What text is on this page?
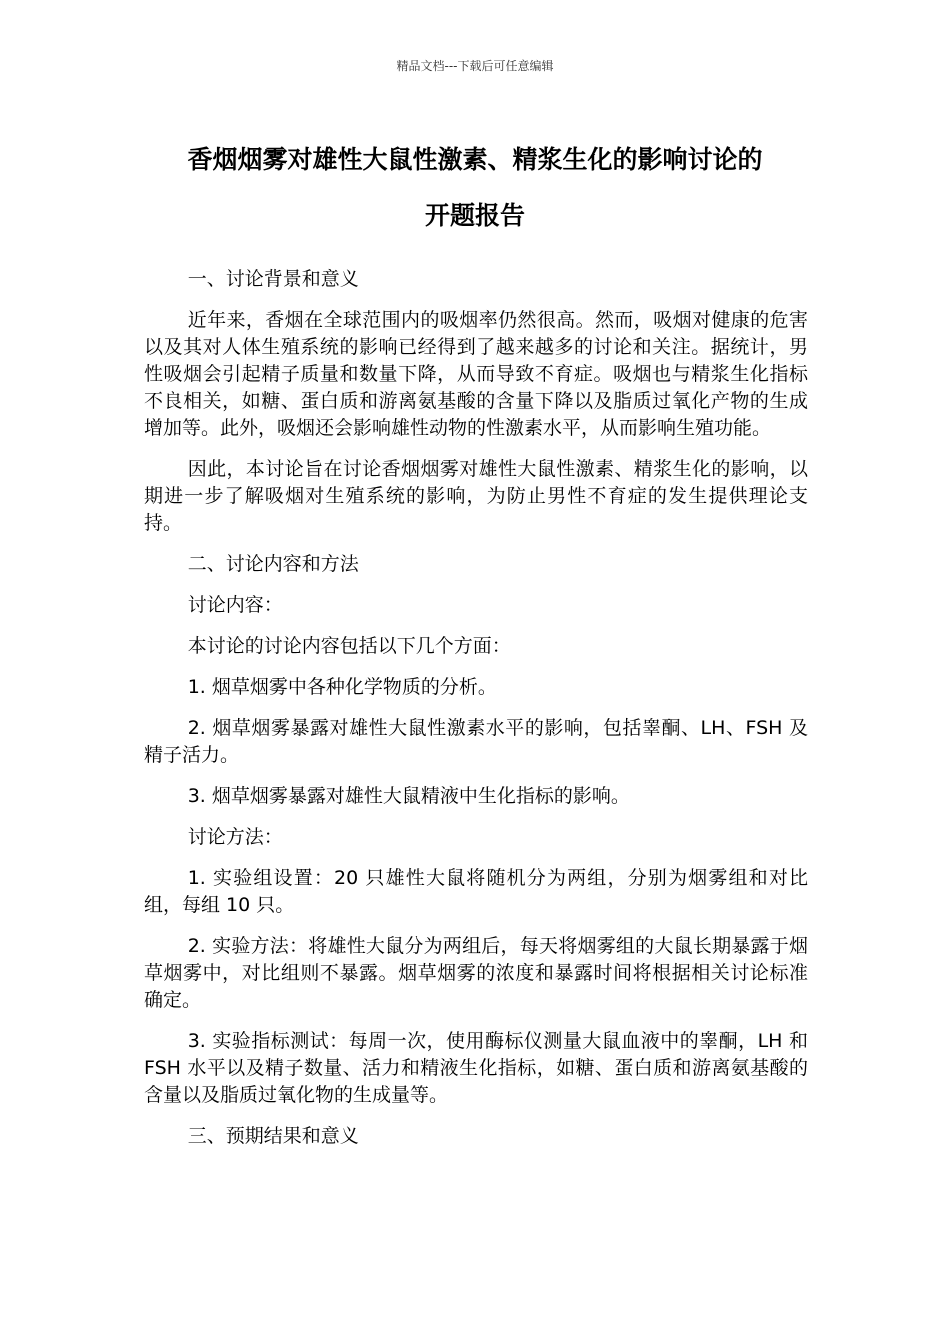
精品文档---下载后可任意编辑
香烟烟雾对雄性大鼠性激素、精浆生化的影响讨论的
开题报告

一、讨论背景和意义

近年来，香烟在全球范围内的吸烟率仍然很高。然而，吸烟对健康的危害以及其对人体生殖系统的影响已经得到了越来越多的讨论和关注。据统计，男性吸烟会引起精子质量和数量下降，从而导致不育症。吸烟也与精浆生化指标不良相关，如糖、蛋白质和游离氨基酸的含量下降以及脂质过氧化产物的生成增加等。此外，吸烟还会影响雄性动物的性激素水平，从而影响生殖功能。

因此，本讨论旨在讨论香烟烟雾对雄性大鼠性激素、精浆生化的影响，以期进一步了解吸烟对生殖系统的影响，为防止男性不育症的发生提供理论支持。

二、讨论内容和方法

讨论内容：

本讨论的讨论内容包括以下几个方面：

1. 烟草烟雾中各种化学物质的分析。

2. 烟草烟雾暴露对雄性大鼠性激素水平的影响，包括睾酮、LH、FSH 及精子活力。

3. 烟草烟雾暴露对雄性大鼠精液中生化指标的影响。

讨论方法：

1. 实验组设置：20 只雄性大鼠将随机分为两组，分别为烟雾组和对比组，每组 10 只。

2. 实验方法：将雄性大鼠分为两组后，每天将烟雾组的大鼠长期暴露于烟草烟雾中，对比组则不暴露。烟草烟雾的浓度和暴露时间将根据相关讨论标准确定。

3. 实验指标测试：每周一次，使用酶标仪测量大鼠血液中的睾酮，LH 和 FSH 水平以及精子数量、活力和精液生化指标，如糖、蛋白质和游离氨基酸的含量以及脂质过氧化物的生成量等。

三、预期结果和意义
